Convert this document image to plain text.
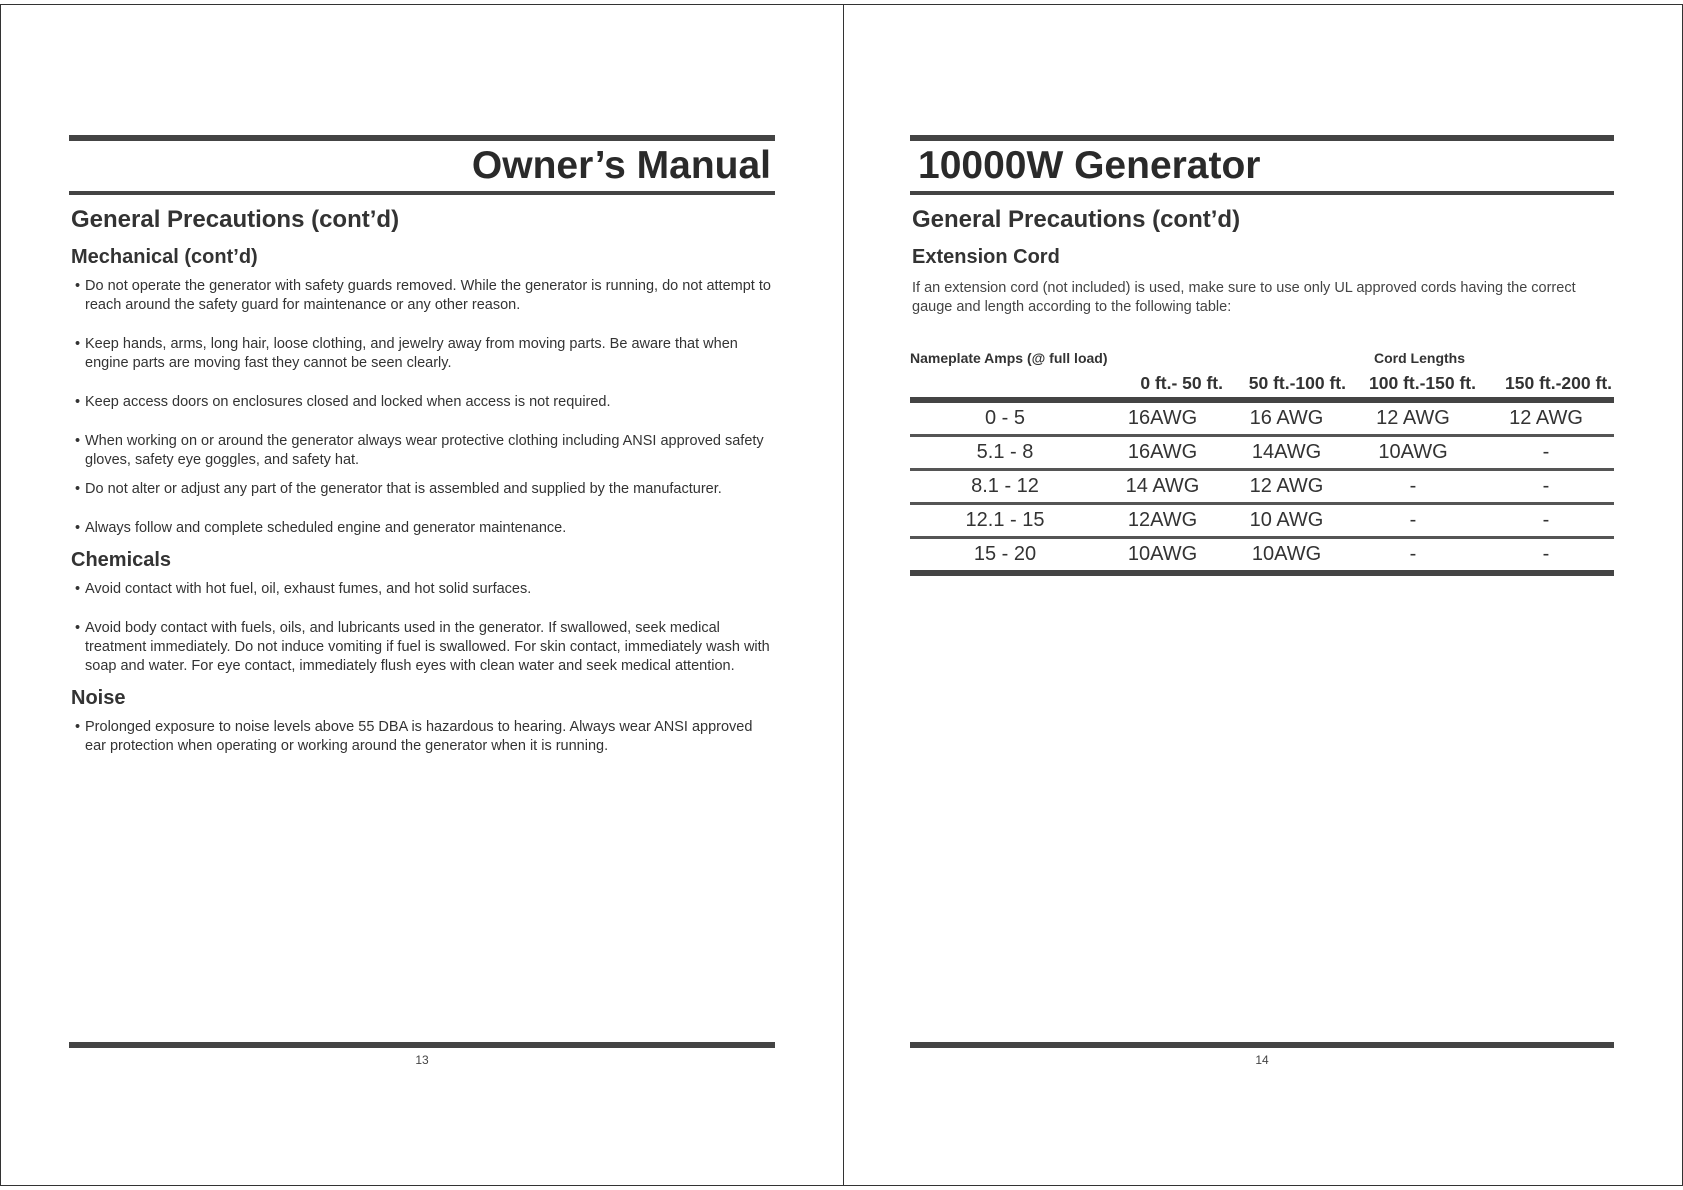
Owner’s Manual
General Precautions (cont’d)
Mechanical (cont’d)
• Do not operate the generator with safety guards removed. While the generator is running, do not attempt to reach around the safety guard for maintenance or any other reason.
• Keep hands, arms, long hair, loose clothing, and jewelry away from moving parts. Be aware that when engine parts are moving fast they cannot be seen clearly.
• Keep access doors on enclosures closed and locked when access is not required.
• When working on or around the generator always wear protective clothing including ANSI approved safety gloves, safety eye goggles, and safety hat.
• Do not alter or adjust any part of the generator that is assembled and supplied by the manufacturer.
• Always follow and complete scheduled engine and generator maintenance.
Chemicals
• Avoid contact with hot fuel, oil, exhaust fumes, and hot solid surfaces.
• Avoid body contact with fuels, oils, and lubricants used in the generator. If swallowed, seek medical treatment immediately. Do not induce vomiting if fuel is swallowed. For skin contact, immediately wash with soap and water. For eye contact, immediately flush eyes with clean water and seek medical attention.
Noise
• Prolonged exposure to noise levels above 55 DBA is hazardous to hearing. Always wear ANSI approved ear protection when operating or working around the generator when it is running.
13
10000W Generator
General Precautions (cont’d)
Extension Cord
If an extension cord (not included) is used, make sure to use only UL approved cords having the correct gauge and length according to the following table:
Nameplate Amps (@ full load)		Cord Lengths		
	0 ft.- 50 ft.	50 ft.-100 ft.	100 ft.-150 ft.	150 ft.-200 ft.
0 - 5	16AWG	16 AWG	12 AWG	12 AWG
5.1 - 8	16AWG	14AWG	10AWG	-
8.1 - 12	14 AWG	12 AWG	-	-
12.1 - 15	12AWG	10 AWG	-	-
15 - 20	10AWG	10AWG	-	-
14
